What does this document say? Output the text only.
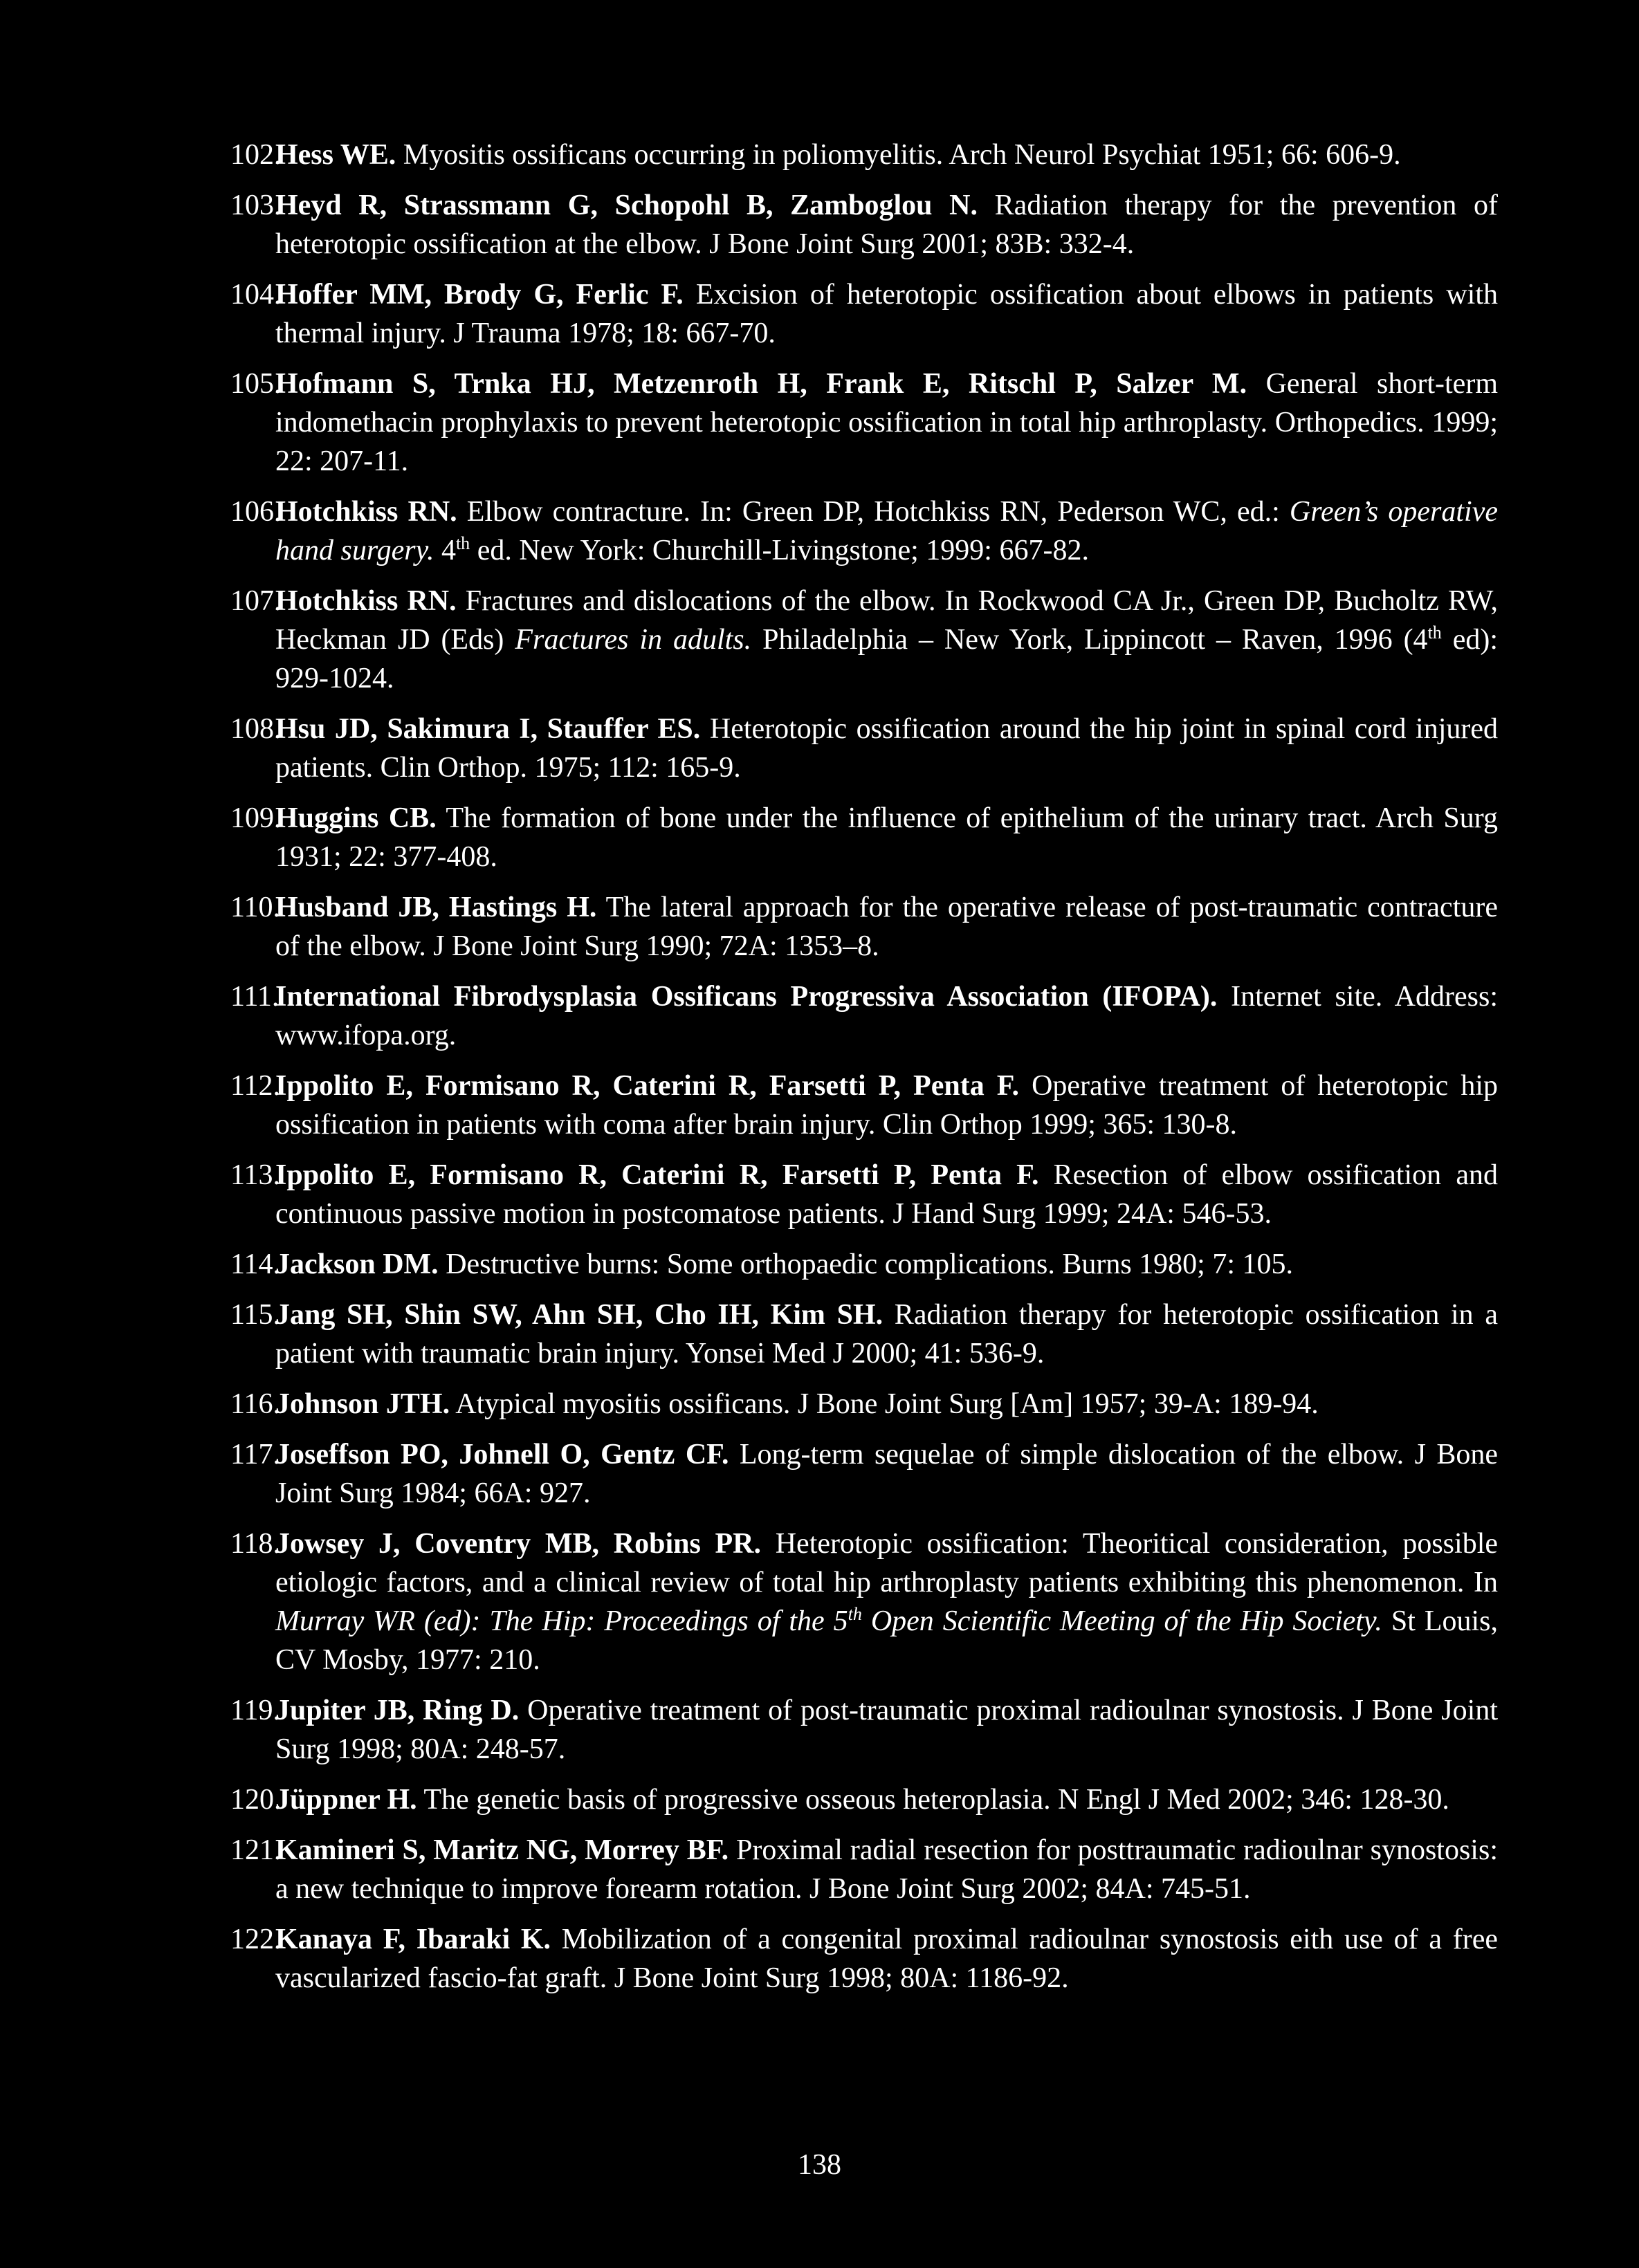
102.
Hess WE. Myositis ossificans occurring in poliomyelitis. Arch Neurol Psychiat 1951; 66: 606-9.
103.
Heyd R, Strassmann G, Schopohl B, Zamboglou N. Radiation therapy for the prevention of heterotopic ossification at the elbow. J Bone Joint Surg 2001; 83B: 332-4.
104.
Hoffer MM, Brody G, Ferlic F. Excision of heterotopic ossification about elbows in patients with thermal injury. J Trauma 1978; 18: 667-70.
105.
Hofmann S, Trnka HJ, Metzenroth H, Frank E, Ritschl P, Salzer M. General short-term indomethacin prophylaxis to prevent heterotopic ossification in total hip arthroplasty. Orthopedics. 1999; 22: 207-11.
106.
Hotchkiss RN. Elbow contracture. In: Green DP, Hotchkiss RN, Pederson WC, ed.: Green’s operative hand surgery. 4th ed. New York: Churchill-Livingstone; 1999: 667-82.
107.
Hotchkiss RN. Fractures and dislocations of the elbow. In Rockwood CA Jr., Green DP, Bucholtz RW, Heckman JD (Eds) Fractures in adults. Philadelphia – New York, Lippincott – Raven, 1996 (4th ed): 929-1024.
108.
Hsu JD, Sakimura I, Stauffer ES. Heterotopic ossification around the hip joint in spinal cord injured patients. Clin Orthop. 1975; 112: 165-9.
109.
Huggins CB. The formation of bone under the influence of epithelium of the urinary tract. Arch Surg 1931; 22: 377-408.
110.
Husband JB, Hastings H. The lateral approach for the operative release of post-traumatic contracture of the elbow. J Bone Joint Surg 1990; 72A: 1353–8.
111.
International Fibrodysplasia Ossificans Progressiva Association (IFOPA). Internet site. Address: www.ifopa.org.
112.
Ippolito E, Formisano R, Caterini R, Farsetti P, Penta F. Operative treatment of heterotopic hip ossification in patients with coma after brain injury. Clin Orthop 1999; 365: 130-8.
113.
Ippolito E, Formisano R, Caterini R, Farsetti P, Penta F. Resection of elbow ossification and continuous passive motion in postcomatose patients. J Hand Surg 1999; 24A: 546-53.
114.
Jackson DM. Destructive burns: Some orthopaedic complications. Burns 1980; 7: 105.
115.
Jang SH, Shin SW, Ahn SH, Cho IH, Kim SH. Radiation therapy for heterotopic ossification in a patient with traumatic brain injury. Yonsei Med J 2000; 41: 536-9.
116.
Johnson JTH. Atypical myositis ossificans. J Bone Joint Surg [Am] 1957; 39-A: 189-94.
117.
Joseffson PO, Johnell O, Gentz CF. Long-term sequelae of simple dislocation of the elbow. J Bone Joint Surg 1984; 66A: 927.
118.
Jowsey J, Coventry MB, Robins PR. Heterotopic ossification: Theoritical consideration, possible etiologic factors, and a clinical review of total hip arthroplasty patients exhibiting this phenomenon. In Murray WR (ed): The Hip: Proceedings of the 5th Open Scientific Meeting of the Hip Society. St Louis, CV Mosby, 1977: 210.
119.
Jupiter JB, Ring D. Operative treatment of post-traumatic proximal radioulnar synostosis. J Bone Joint Surg 1998; 80A: 248-57.
120.
Jüppner H. The genetic basis of progressive osseous heteroplasia. N Engl J Med 2002; 346: 128-30.
121.
Kamineri S, Maritz NG, Morrey BF. Proximal radial resection for posttraumatic radioulnar synostosis: a new technique to improve forearm rotation. J Bone Joint Surg 2002; 84A: 745-51.
122.
Kanaya F, Ibaraki K. Mobilization of a congenital proximal radioulnar synostosis eith use of a free vascularized fascio-fat graft. J Bone Joint Surg 1998; 80A: 1186-92.
138
